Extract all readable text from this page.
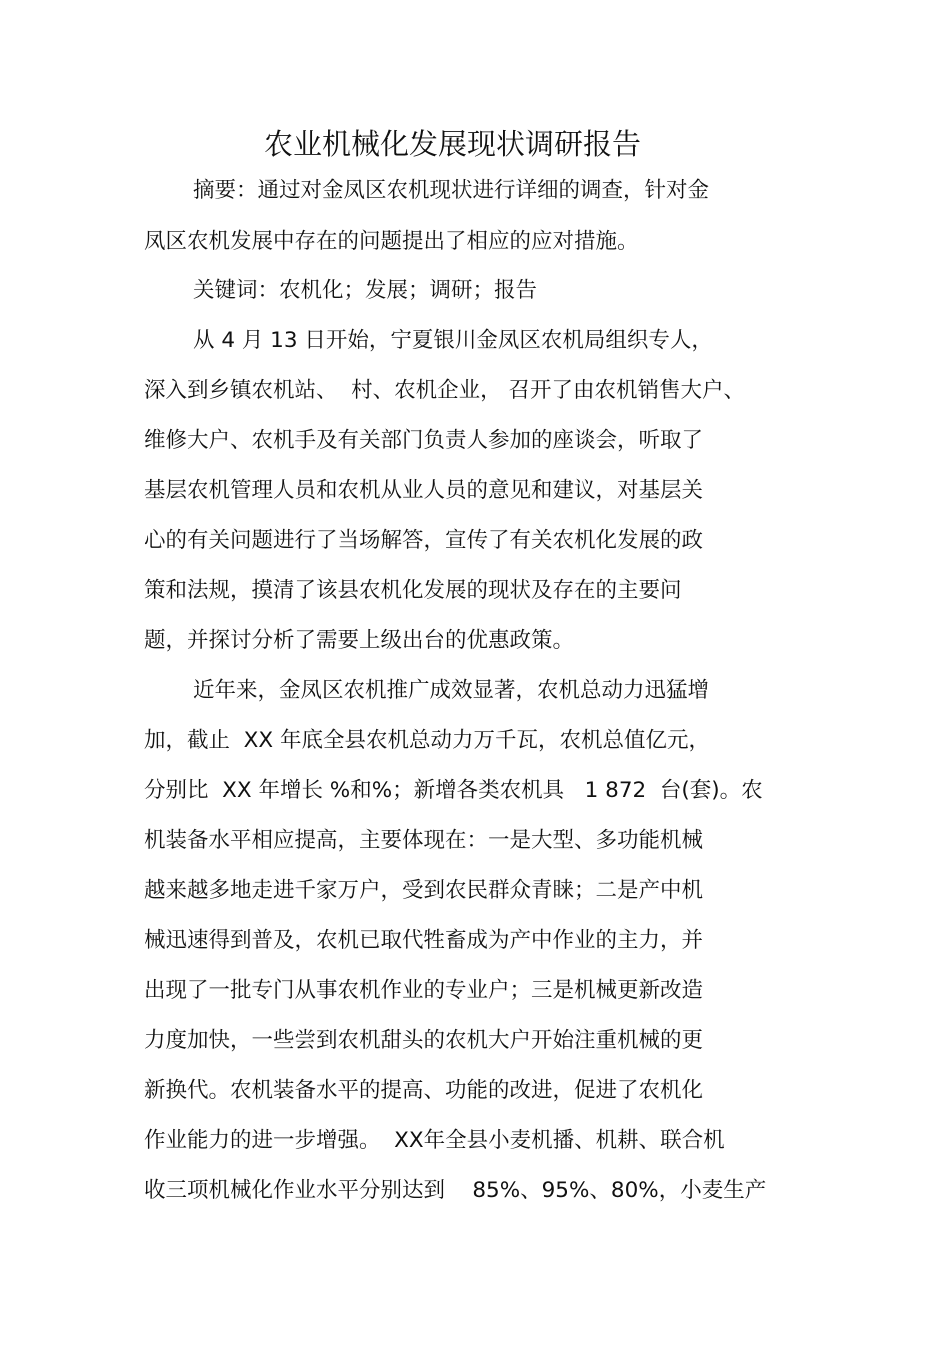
农业机械化发展现状调研报告
摘要：通过对金凤区农机现状进行详细的调查，针对金
凤区农机发展中存在的问题提出了相应的应对措施。
关键词：农机化；发展；调研；报告
从 4 月 13 日开始，宁夏银川金凤区农机局组织专人，
深入到乡镇农机站、  村、农机企业， 召开了由农机销售大户、
维修大户、农机手及有关部门负责人参加的座谈会，听取了
基层农机管理人员和农机从业人员的意见和建议，对基层关
心的有关问题进行了当场解答，宣传了有关农机化发展的政
策和法规，摸清了该县农机化发展的现状及存在的主要问
题，并探讨分析了需要上级出台的优惠政策。
近年来，金凤区农机推广成效显著，农机总动力迅猛增
加，截止  XX 年底全县农机总动力万千瓦，农机总值亿元，
分别比  XX 年增长 %和%；新增各类农机具   1 872  台(套)。农
机装备水平相应提高，主要体现在：一是大型、多功能机械
越来越多地走进千家万户，受到农民群众青睐；二是产中机
械迅速得到普及，农机已取代牲畜成为产中作业的主力，并
出现了一批专门从事农机作业的专业户；三是机械更新改造
力度加快，一些尝到农机甜头的农机大户开始注重机械的更
新换代。农机装备水平的提高、功能的改进，促进了农机化
作业能力的进一步增强。  XX年全县小麦机播、机耕、联合机
收三项机械化作业水平分别达到    85%、95%、80%，小麦生产
